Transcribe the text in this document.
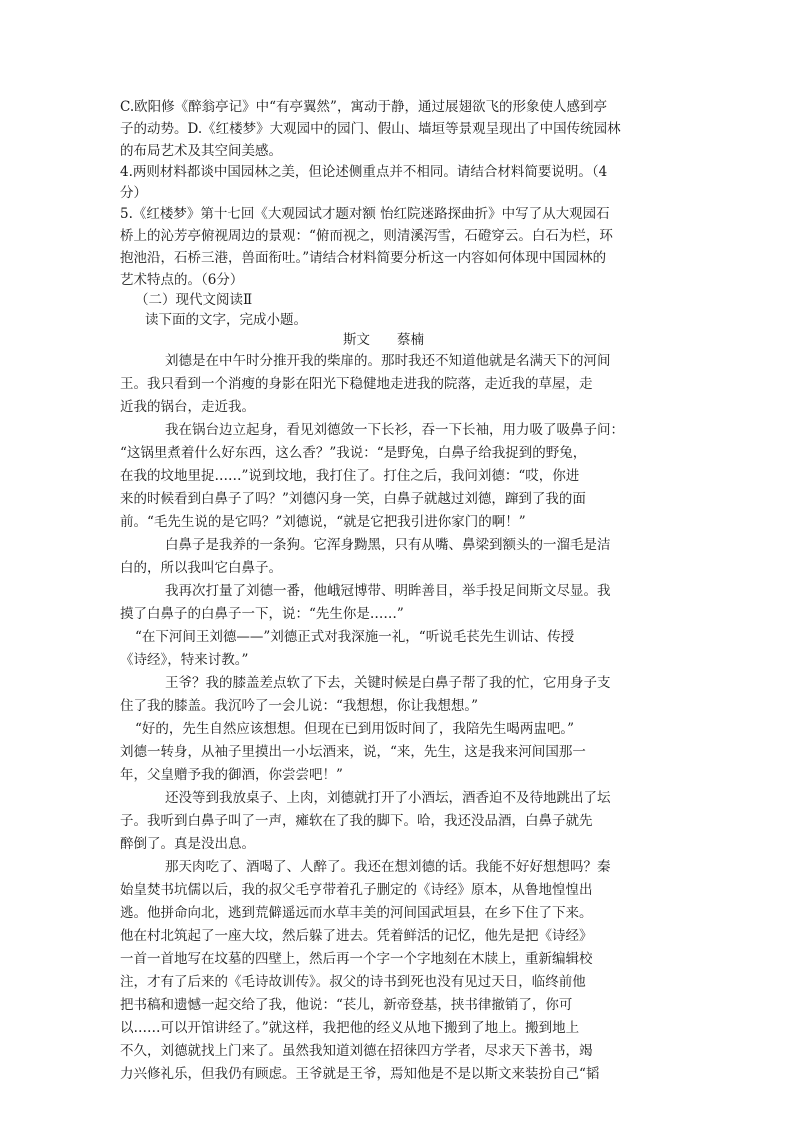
C.欧阳修《醉翁亭记》中“有亭翼然”，寓动于静，通过展翅欲飞的形象使人感到亭

子的动势。D.《红楼梦》大观园中的园门、假山、墙垣等景观呈现出了中国传统园林

的布局艺术及其空间美感。

4.两则材料都谈中国园林之美，但论述侧重点并不相同。请结合材料简要说明。（4

分）

5.《红楼梦》第十七回《大观园试才题对额 怡红院迷路探曲折》中写了从大观园石

桥上的沁芳亭俯视周边的景观：“俯而视之，则清溪泻雪，石磴穿云。白石为栏，环

抱池沿，石桥三港，兽面衔吐。”请结合材料简要分析这一内容如何体现中国园林的

艺术特点的。（6分）

（二）现代文阅读Ⅱ

读下面的文字，完成小题。

斯文　　蔡楠

刘德是在中午时分推开我的柴扉的。那时我还不知道他就是名满天下的河间

王。我只看到一个消瘦的身影在阳光下稳健地走进我的院落，走近我的草屋，走

近我的锅台，走近我。

我在锅台边立起身，看见刘德敛一下长衫，吞一下长袖，用力吸了吸鼻子问：

“这锅里煮着什么好东西，这么香？”我说：“是野兔，白鼻子给我捉到的野兔，

在我的坟地里捉……”说到坟地，我打住了。打住之后，我问刘德：“哎，你进

来的时候看到白鼻子了吗？”刘德闪身一笑，白鼻子就越过刘德，蹿到了我的面

前。“毛先生说的是它吗？”刘德说，“就是它把我引进你家门的啊！”

白鼻子是我养的一条狗。它浑身黝黑，只有从嘴、鼻梁到额头的一溜毛是洁

白的，所以我叫它白鼻子。

我再次打量了刘德一番，他峨冠博带、明眸善目，举手投足间斯文尽显。我

摸了白鼻子的白鼻子一下，说：“先生你是……”

“在下河间王刘德——”刘德正式对我深施一礼，“听说毛苌先生训诂、传授

《诗经》，特来讨教。”

王爷？我的膝盖差点软了下去，关键时候是白鼻子帮了我的忙，它用身子支

住了我的膝盖。我沉吟了一会儿说：“我想想，你让我想想。”

“好的，先生自然应该想想。但现在已到用饭时间了，我陪先生喝两盅吧。”

刘德一转身，从袖子里摸出一小坛酒来，说，“来，先生，这是我来河间国那一

年，父皇赠予我的御酒，你尝尝吧！”

还没等到我放桌子、上肉，刘德就打开了小酒坛，酒香迫不及待地跳出了坛

子。我听到白鼻子叫了一声，瘫软在了我的脚下。哈，我还没品酒，白鼻子就先

醉倒了。真是没出息。

那天肉吃了、酒喝了、人醉了。我还在想刘德的话。我能不好好想想吗？秦

始皇焚书坑儒以后，我的叔父毛亨带着孔子删定的《诗经》原本，从鲁地惶惶出

逃。他拼命向北，逃到荒僻遥远而水草丰美的河间国武垣县，在乡下住了下来。

他在村北筑起了一座大坟，然后躲了进去。凭着鲜活的记忆，他先是把《诗经》

一首一首地写在坟墓的四壁上，然后再一个字一个字地刻在木牍上，重新编辑校

注，才有了后来的《毛诗故训传》。叔父的诗书到死也没有见过天日，临终前他

把书稿和遗憾一起交给了我，他说：“苌儿，新帝登基，挟书律撤销了，你可

以……可以开馆讲经了。”就这样，我把他的经义从地下搬到了地上。搬到地上

不久，刘德就找上门来了。虽然我知道刘德在招徕四方学者，尽求天下善书，竭

力兴修礼乐，但我仍有顾虑。王爷就是王爷，焉知他是不是以斯文来装扮自己“韬
